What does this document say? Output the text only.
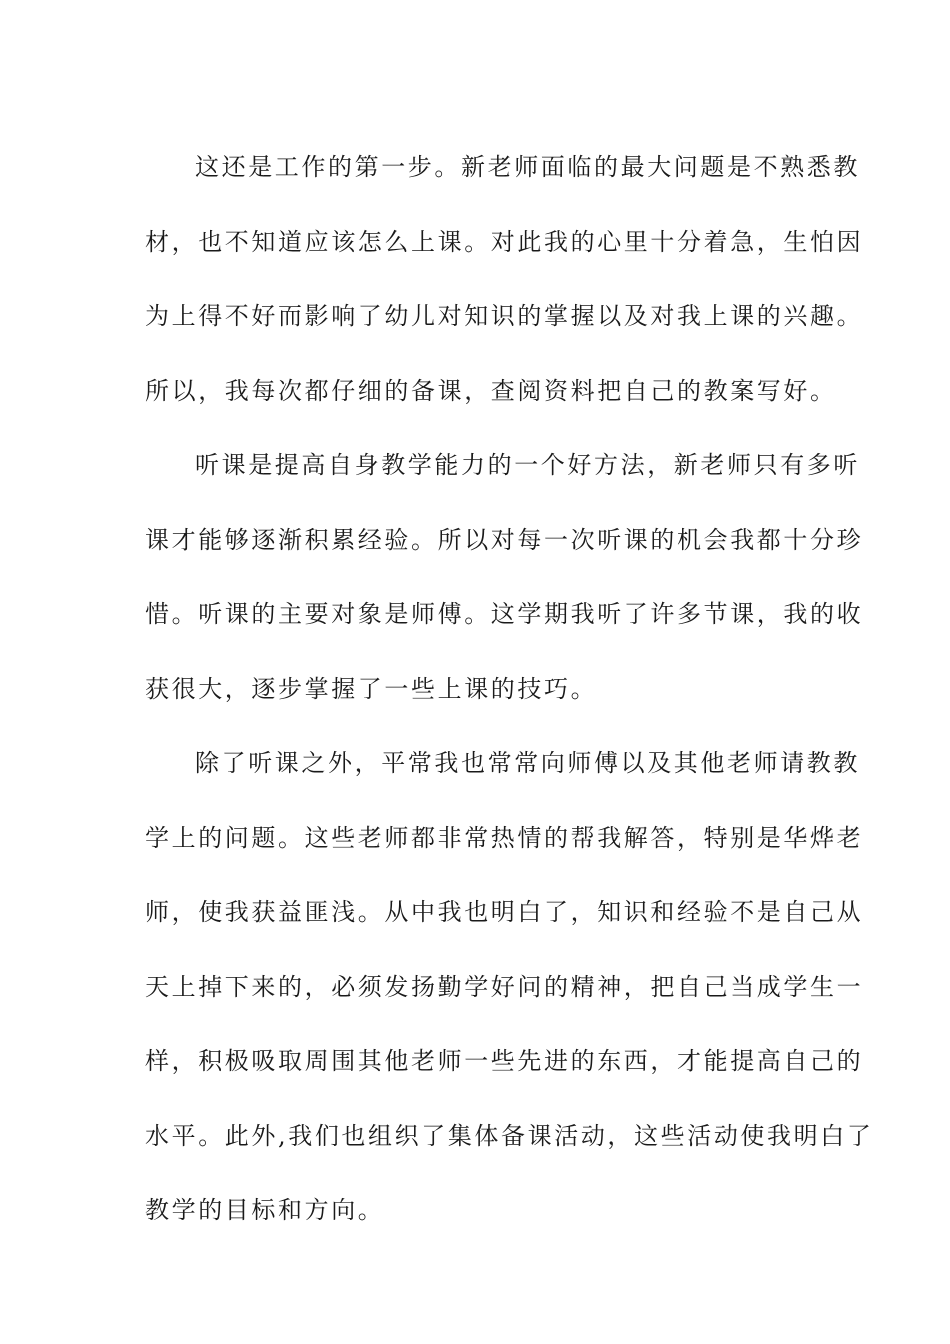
这还是工作的第一步。新老师面临的最大问题是不熟悉教
材，也不知道应该怎么上课。对此我的心里十分着急，生怕因
为上得不好而影响了幼儿对知识的掌握以及对我上课的兴趣。
所以，我每次都仔细的备课，查阅资料把自己的教案写好。
听课是提高自身教学能力的一个好方法，新老师只有多听
课才能够逐渐积累经验。所以对每一次听课的机会我都十分珍
惜。听课的主要对象是师傅。这学期我听了许多节课，我的收
获很大，逐步掌握了一些上课的技巧。
除了听课之外，平常我也常常向师傅以及其他老师请教教
学上的问题。这些老师都非常热情的帮我解答，特别是华烨老
师，使我获益匪浅。从中我也明白了，知识和经验不是自己从
天上掉下来的，必须发扬勤学好问的精神，把自己当成学生一
样，积极吸取周围其他老师一些先进的东西，才能提高自己的
水平。此外,我们也组织了集体备课活动，这些活动使我明白了
教学的目标和方向。
